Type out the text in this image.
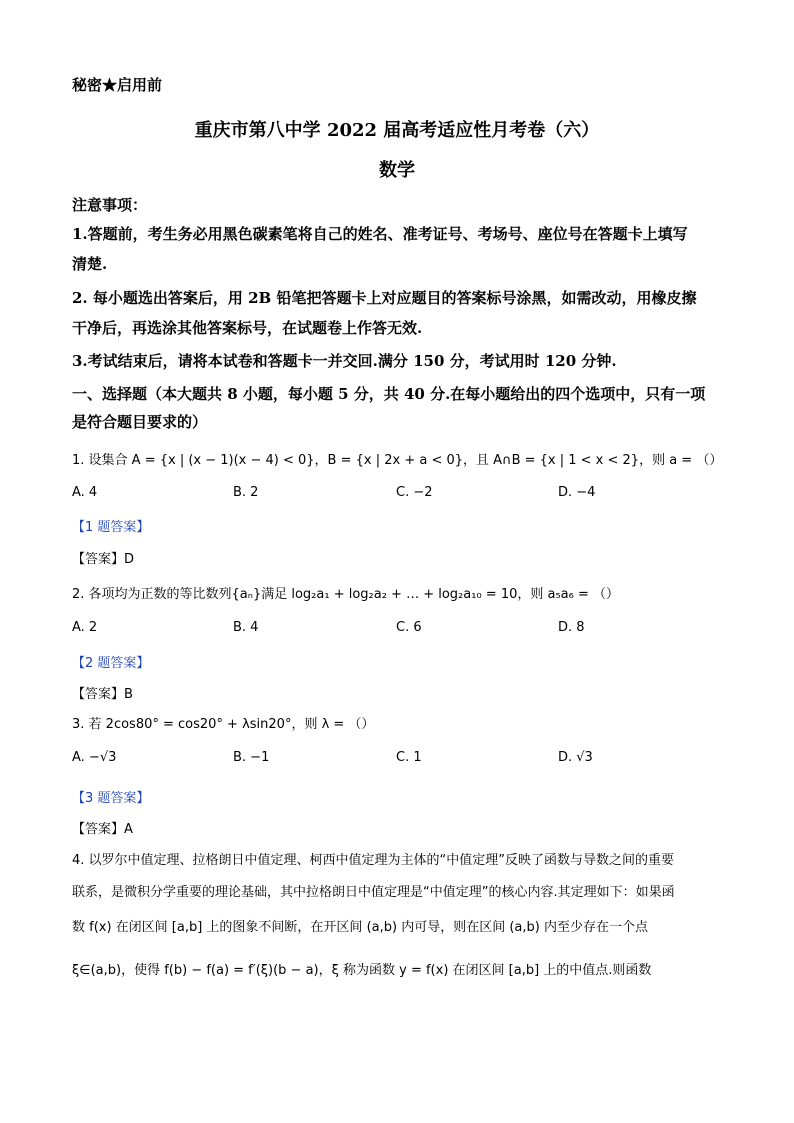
秘密★启用前
重庆市第八中学 2022 届高考适应性月考卷（六）
数学
注意事项：
1.答题前，考生务必用黑色碳素笔将自己的姓名、准考证号、考场号、座位号在答题卡上填写
清楚.
2. 每小题选出答案后，用 2B 铅笔把答题卡上对应题目的答案标号涂黑，如需改动，用橡皮擦
干净后，再选涂其他答案标号，在试题卷上作答无效.
3.考试结束后，请将本试卷和答题卡一并交回.满分 150 分，考试用时 120 分钟.
一、选择题（本大题共 8 小题，每小题 5 分，共 40 分.在每小题给出的四个选项中，只有一项
是符合题目要求的）
1. 设集合 A = {x | (x − 1)(x − 4) < 0}，B = {x | 2x + a < 0}，且 A∩B = {x | 1 < x < 2}，则 a = （）
A. 4	B. 2	C. −2	D. −4
【1 题答案】
【答案】D
2. 各项均为正数的等比数列{aₙ}满足 log₂a₁ + log₂a₂ + … + log₂a₁₀ = 10，则 a₅a₆ = （）
A. 2	B. 4	C. 6	D. 8
【2 题答案】
【答案】B
3. 若 2cos80° = cos20° + λsin20°，则 λ = （）
A. −√3	B. −1	C. 1	D. √3
【3 题答案】
【答案】A
4. 以罗尔中值定理、拉格朗日中值定理、柯西中值定理为主体的“中值定理”反映了函数与导数之间的重要
联系，是微积分学重要的理论基础，其中拉格朗日中值定理是“中值定理”的核心内容.其定理如下：如果函
数 f(x) 在闭区间 [a,b] 上的图象不间断，在开区间 (a,b) 内可导，则在区间 (a,b) 内至少存在一个点
ξ∈(a,b)，使得 f(b) − f(a) = f′(ξ)(b − a)，ξ 称为函数 y = f(x) 在闭区间 [a,b] 上的中值点.则函数
